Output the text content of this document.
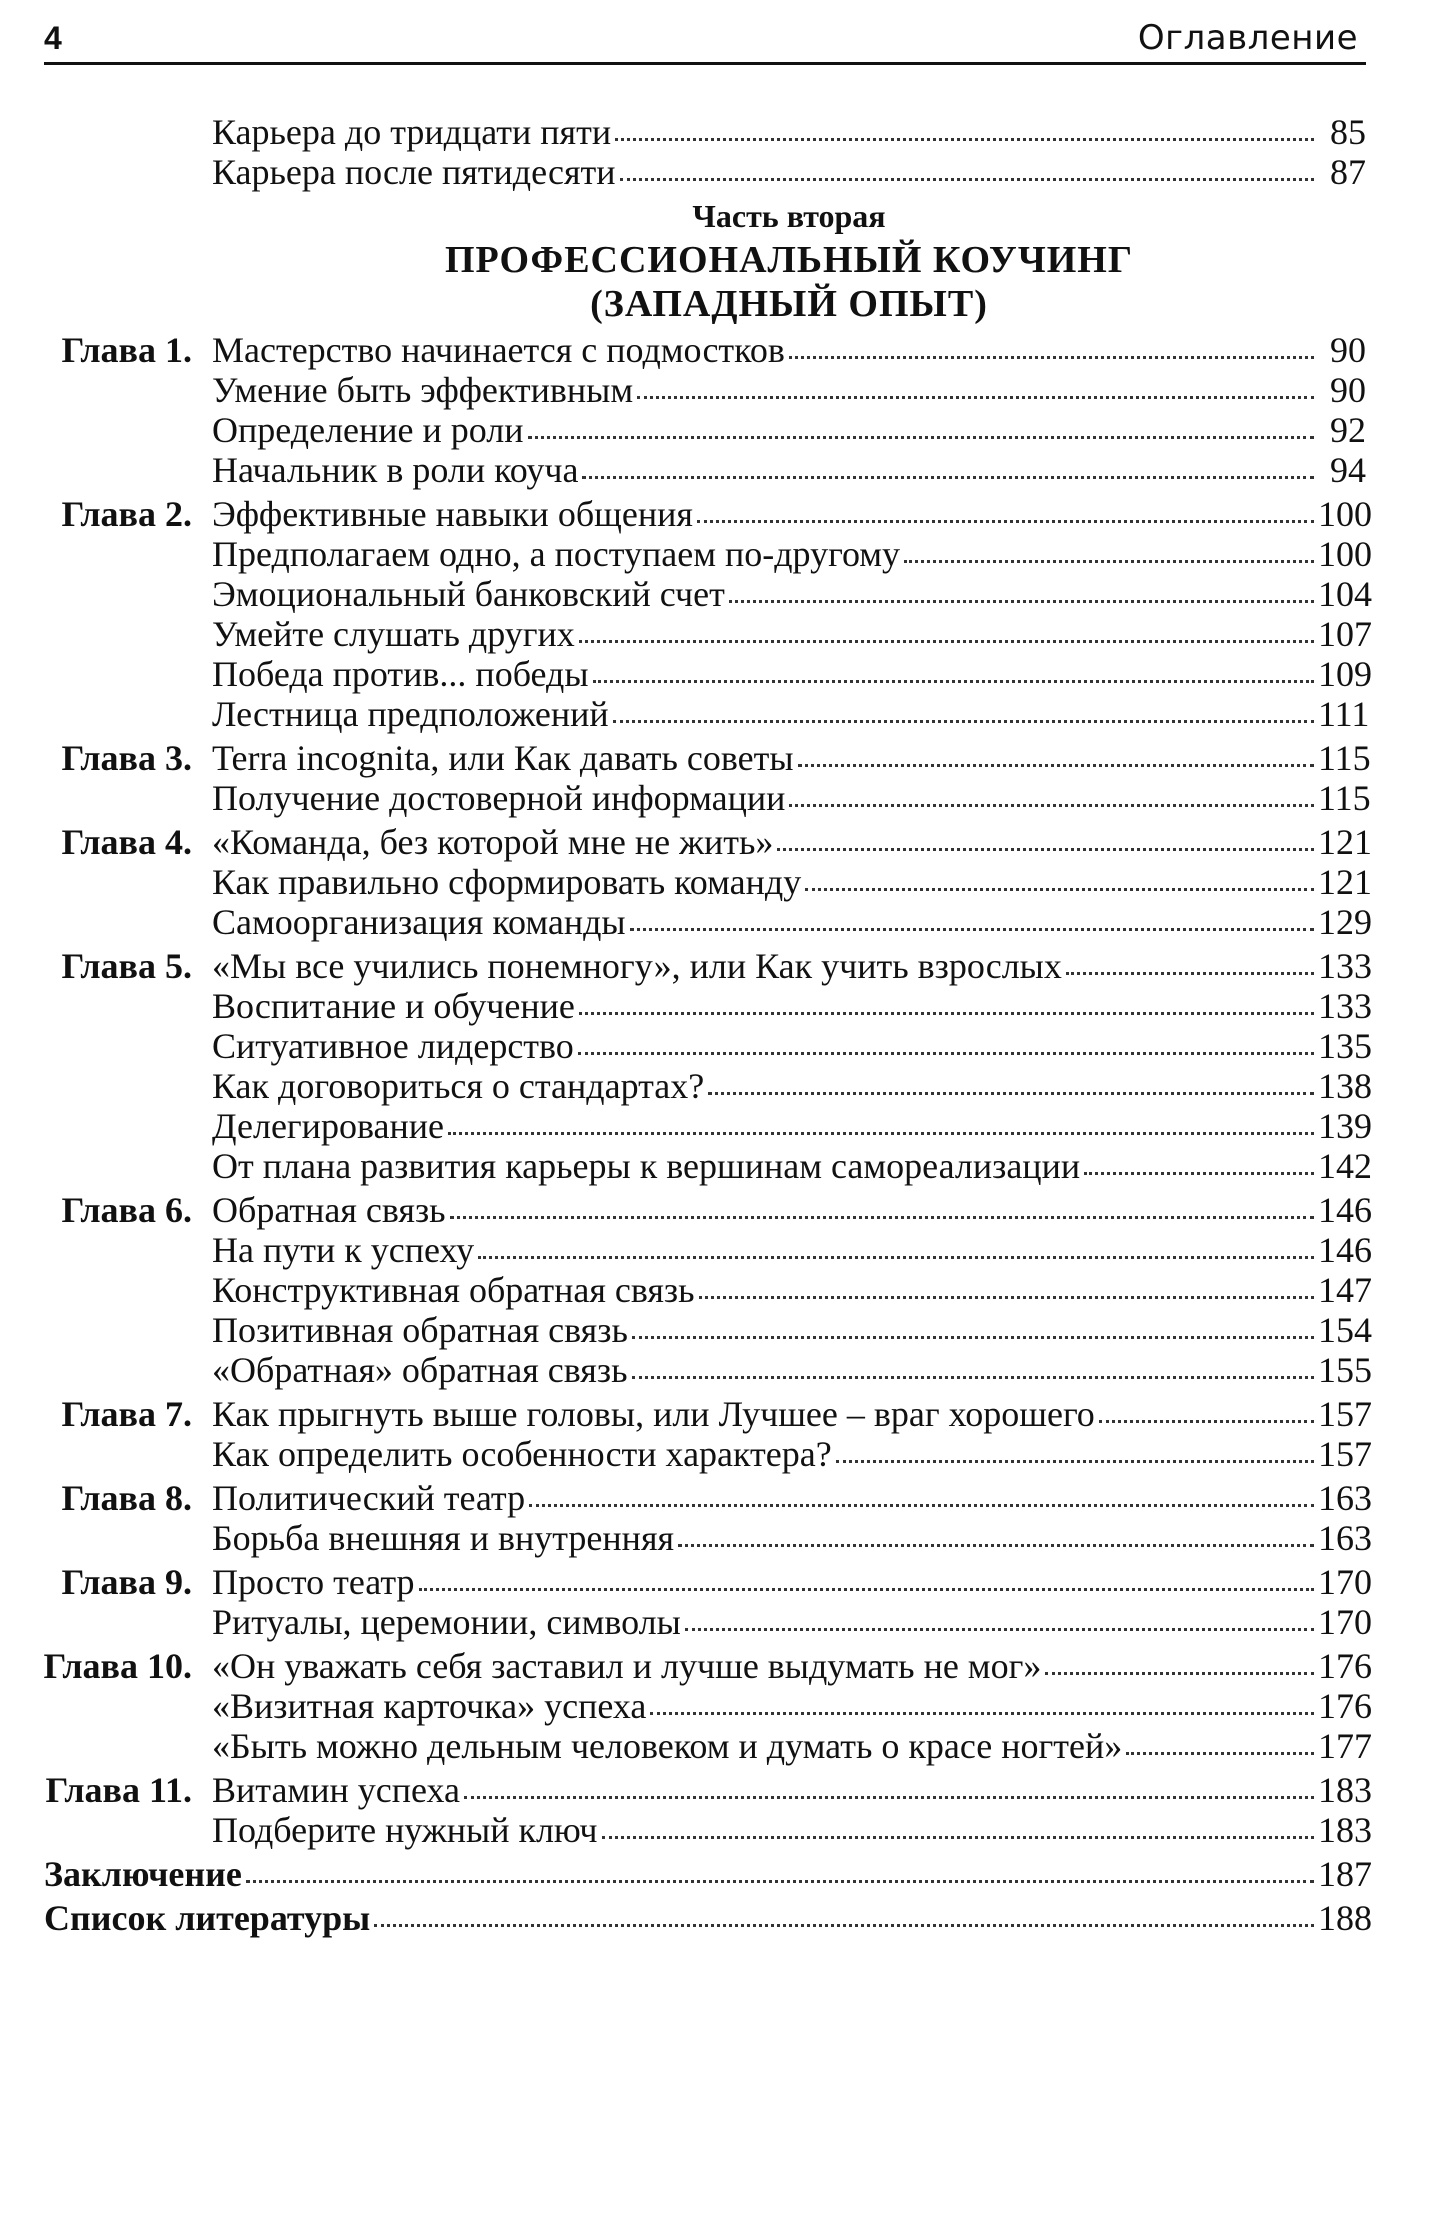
4	Оглавление
Карьера до тридцати пяти	85
Карьера после пятидесяти	87
Часть вторая
ПРОФЕССИОНАЛЬНЫЙ КОУЧИНГ
(ЗАПАДНЫЙ ОПЫТ)
Глава 1. Мастерство начинается с подмостков	90
Умение быть эффективным	90
Определение и роли	92
Начальник в роли коуча	94
Глава 2. Эффективные навыки общения	100
Предполагаем одно, а поступаем по-другому	100
Эмоциональный банковский счет	104
Умейте слушать других	107
Победа против... победы	109
Лестница предположений	111
Глава 3. Terra incognita, или Как давать советы	115
Получение достоверной информации	115
Глава 4. «Команда, без которой мне не жить»	121
Как правильно сформировать команду	121
Самоорганизация команды	129
Глава 5. «Мы все учились понемногу», или Как учить взрослых	133
Воспитание и обучение	133
Ситуативное лидерство	135
Как договориться о стандартах?	138
Делегирование	139
От плана развития карьеры к вершинам самореализации	142
Глава 6. Обратная связь	146
На пути к успеху	146
Конструктивная обратная связь	147
Позитивная обратная связь	154
«Обратная» обратная связь	155
Глава 7. Как прыгнуть выше головы, или Лучшее – враг хорошего	157
Как определить особенности характера?	157
Глава 8. Политический театр	163
Борьба внешняя и внутренняя	163
Глава 9. Просто театр	170
Ритуалы, церемонии, символы	170
Глава 10. «Он уважать себя заставил и лучше выдумать не мог»	176
«Визитная карточка» успеха	176
«Быть можно дельным человеком и думать о красе ногтей»	177
Глава 11. Витамин успеха	183
Подберите нужный ключ	183
Заключение	187
Список литературы	188
